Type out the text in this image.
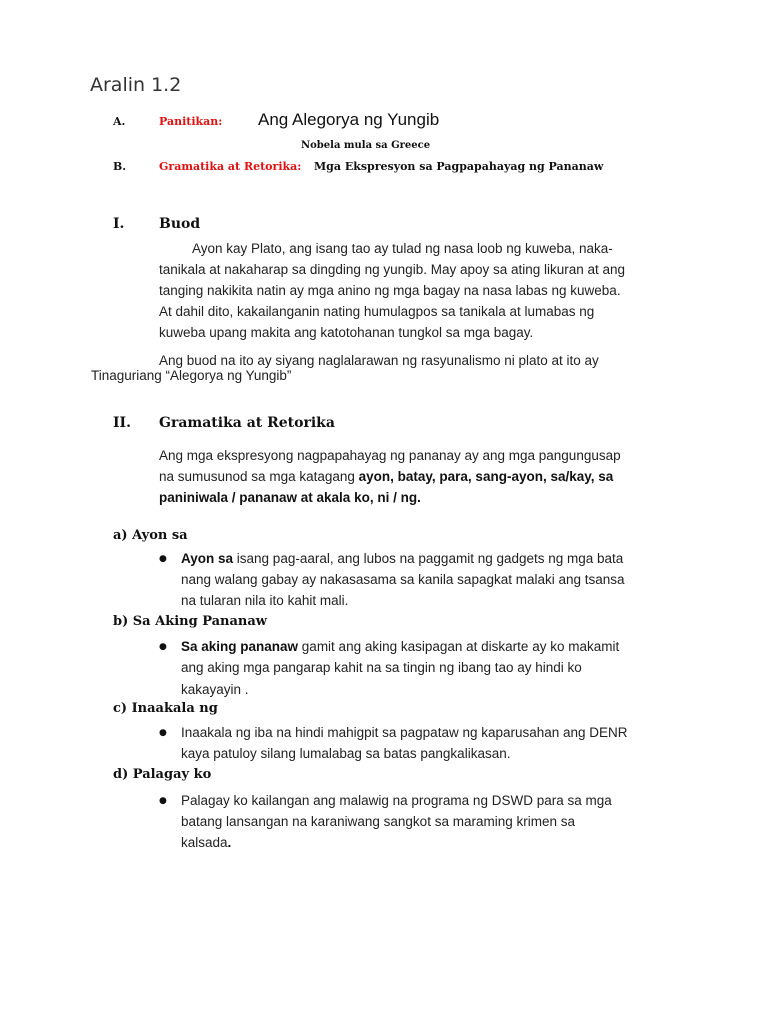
Aralin 1.2
A.	Panitikan: Ang Alegorya ng Yungib
Nobela mula sa Greece
B.	Gramatika at Retorika: Mga Ekspresyon sa Pagpapahayag ng Pananaw
I. Buod
Ayon kay Plato, ang isang tao ay tulad ng nasa loob ng kuweba, naka-
tanikala at nakaharap sa dingding ng yungib. May apoy sa ating likuran at ang
tanging nakikita natin ay mga anino ng mga bagay na nasa labas ng kuweba.
At dahil dito, kakailanganin nating humulagpos sa tanikala at lumabas ng
kuweba upang makita ang katotohanan tungkol sa mga bagay.
Ang buod na ito ay siyang naglalarawan ng rasyunalismo ni plato at ito ay
Tinaguriang “Alegorya ng Yungib”
II. Gramatika at Retorika
Ang mga ekspresyong nagpapahayag ng pananay ay ang mga pangungusap
na sumusunod sa mga katagang ayon, batay, para, sang-ayon, sa/kay, sa
paniniwala / pananaw at akala ko, ni / ng.
a) Ayon sa
● Ayon sa isang pag-aaral, ang lubos na paggamit ng gadgets ng mga bata
nang walang gabay ay nakasasama sa kanila sapagkat malaki ang tsansa
na tularan nila ito kahit mali.
b) Sa Aking Pananaw
● Sa aking pananaw gamit ang aking kasipagan at diskarte ay ko makamit
ang aking mga pangarap kahit na sa tingin ng ibang tao ay hindi ko
kakayayin .
c) Inaakala ng
● Inaakala ng iba na hindi mahigpit sa pagpataw ng kaparusahan ang DENR
kaya patuloy silang lumalabag sa batas pangkalikasan.
d) Palagay ko
● Palagay ko kailangan ang malawig na programa ng DSWD para sa mga
batang lansangan na karaniwang sangkot sa maraming krimen sa
kalsada.
